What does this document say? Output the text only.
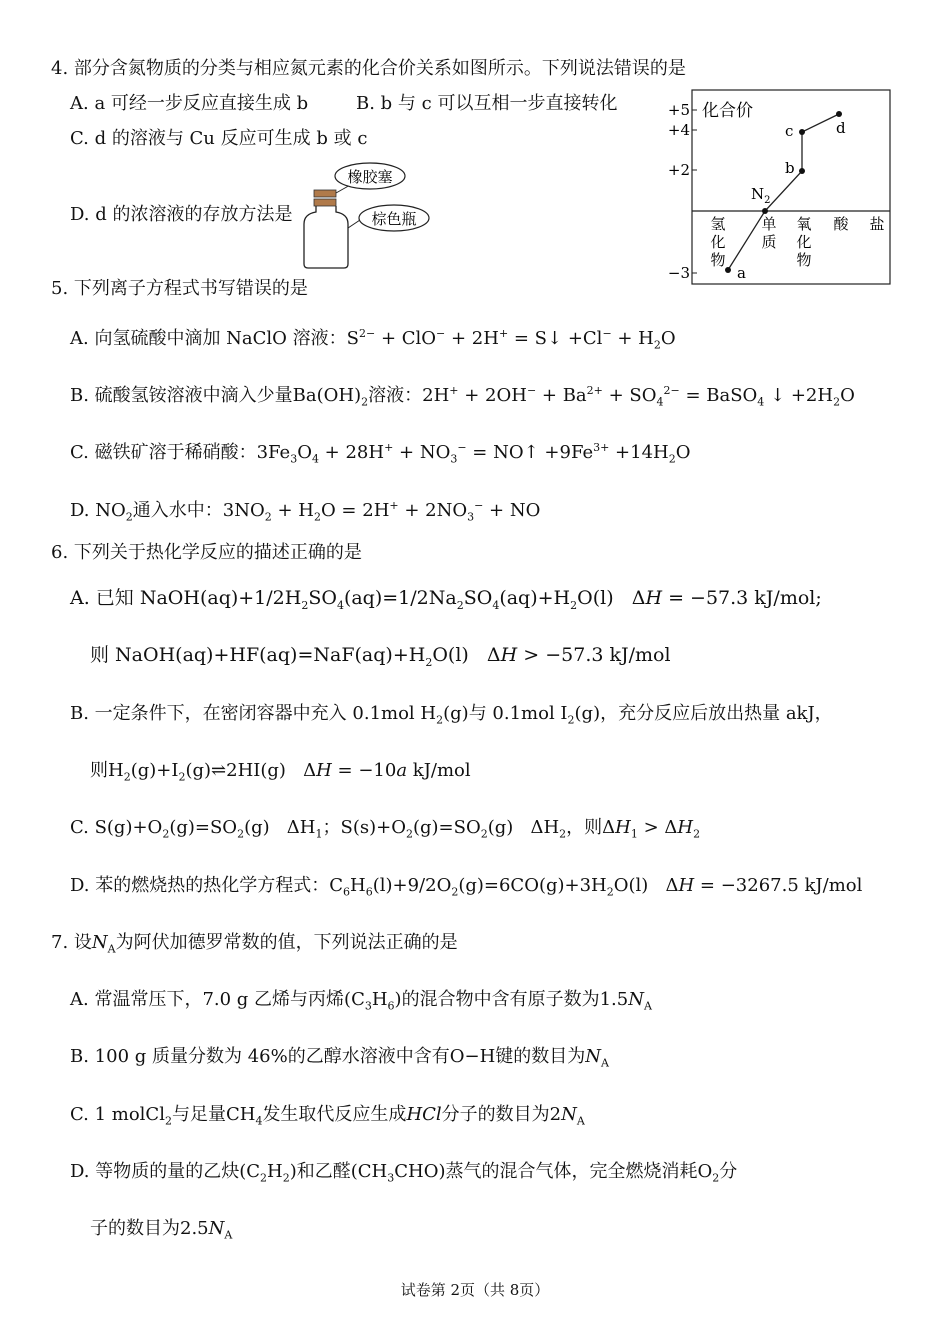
4. 部分含氮物质的分类与相应氮元素的化合价关系如图所示。下列说法错误的是
A. a 可经一步反应直接生成 b	B. b 与 c 可以互相一步直接转化
C. d 的溶液与 Cu 反应可生成 b 或 c
D. d 的浓溶液的存放方法是
橡胶塞
棕色瓶
+5
+4
+2
−3
化合价
氢
化
物
单
质
氧
化
物
酸 盐
a
$N_2$
b
c	d
5. 下列离子方程式书写错误的是
A. 向氢硫酸中滴加 NaClO 溶液：$S^{2-} + ClO^- + 2H^+$ = S↓ $+Cl^- + H_2O$
B. 硫酸氢铵溶液中滴入少量$Ba(OH)_2$溶液：$2H^+ + 2OH^- + Ba^{2+} + SO_4^{2-}$ = BaSO$_4$ ↓ $+2H_2O$
C. 磁铁矿溶于稀硝酸：$3Fe_3O_4 + 28H^+ + NO_3^-$ = NO↑ $+9Fe^{3+} +14H_2O$
D. $NO_2$通入水中：$3NO_2 + H_2O = 2H^+ + 2NO_3^-$ + NO
6. 下列关于热化学反应的描述正确的是
A. 已知 $NaOH(aq)+1/2H_2SO_4(aq)=1/2Na_2SO_4(aq)+H_2O(l) \Delta H = -57.3$ kJ/mol;
则 $NaOH(aq)+HF(aq)=NaF(aq)+H_2O(l) \Delta H > -57.3$ kJ/mol
B. 一定条件下，在密闭容器中充入 0.1mol $H_2(g)$与 0.1mol $I_2(g)$，充分反应后放出热量 akJ，
则$H_2(g)+I_2(g)\rightleftharpoons 2HI(g) \Delta H = -10a$ kJ/mol
C. $S(g)+O_2(g)=SO_2(g)$   $\Delta H_1$；$S(s)+O_2(g)=SO_2(g)$   $\Delta H_2$，则$\Delta H_1 > \Delta H_2$
D. 苯的燃烧热的热化学方程式：$C_6H_6(l)+9/2O_2(g)=6CO(g)+3H_2O(l) \Delta H = -3267.5$ kJ/mol
7. 设$N_A$为阿伏加德罗常数的值，下列说法正确的是
A. 常温常压下，7.0 g 乙烯与丙烯$(C_3H_6)$的混合物中含有原子数为$1.5N_A$
B. 100 g 质量分数为 46%的乙醇水溶液中含有O−H键的数目为$N_A$
C. 1 molCl$_2$与足量$CH_4$发生取代反应生成HCl分子的数目为$2N_A$
D. 等物质的量的乙炔$(C_2H_2)$和乙醛$(CH_3CHO)$蒸气的混合气体，完全燃烧消耗$O_2$分
子的数目为$2.5N_A$
试卷第 2页（共 8页）
